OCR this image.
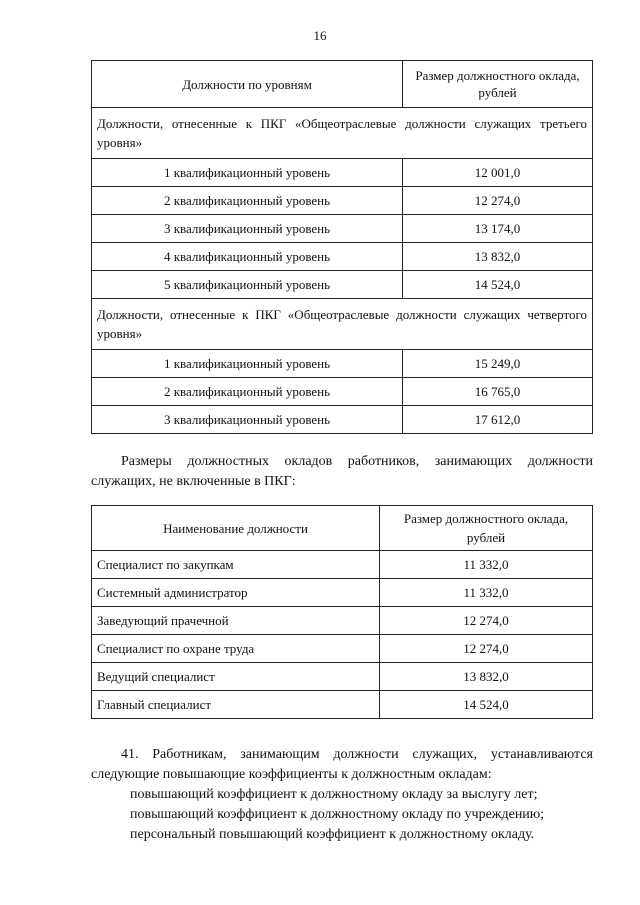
16
Должности по уровням	Размер должностного оклада, рублей
Должности, отнесенные к ПКГ «Общеотраслевые должности служащих третьего уровня»	
1 квалификационный уровень	12 001,0
2 квалификационный уровень	12 274,0
3 квалификационный уровень	13 174,0
4 квалификационный уровень	13 832,0
5 квалификационный уровень	14 524,0
Должности, отнесенные к ПКГ «Общеотраслевые должности служащих четвертого уровня»	
1 квалификационный уровень	15 249,0
2 квалификационный уровень	16 765,0
3 квалификационный уровень	17 612,0
Размеры должностных окладов работников, занимающих должности служащих, не включенные в ПКГ:
Наименование должности	Размер должностного оклада, рублей
Специалист по закупкам	11 332,0
Системный администратор	11 332,0
Заведующий прачечной	12 274,0
Специалист по охране труда	12 274,0
Ведущий специалист	13 832,0
Главный специалист	14 524,0
41. Работникам, занимающим должности служащих, устанавливаются следующие повышающие коэффициенты к должностным окладам:
повышающий коэффициент к должностному окладу за выслугу лет;
повышающий коэффициент к должностному окладу по учреждению;
персональный повышающий коэффициент к должностному окладу.
